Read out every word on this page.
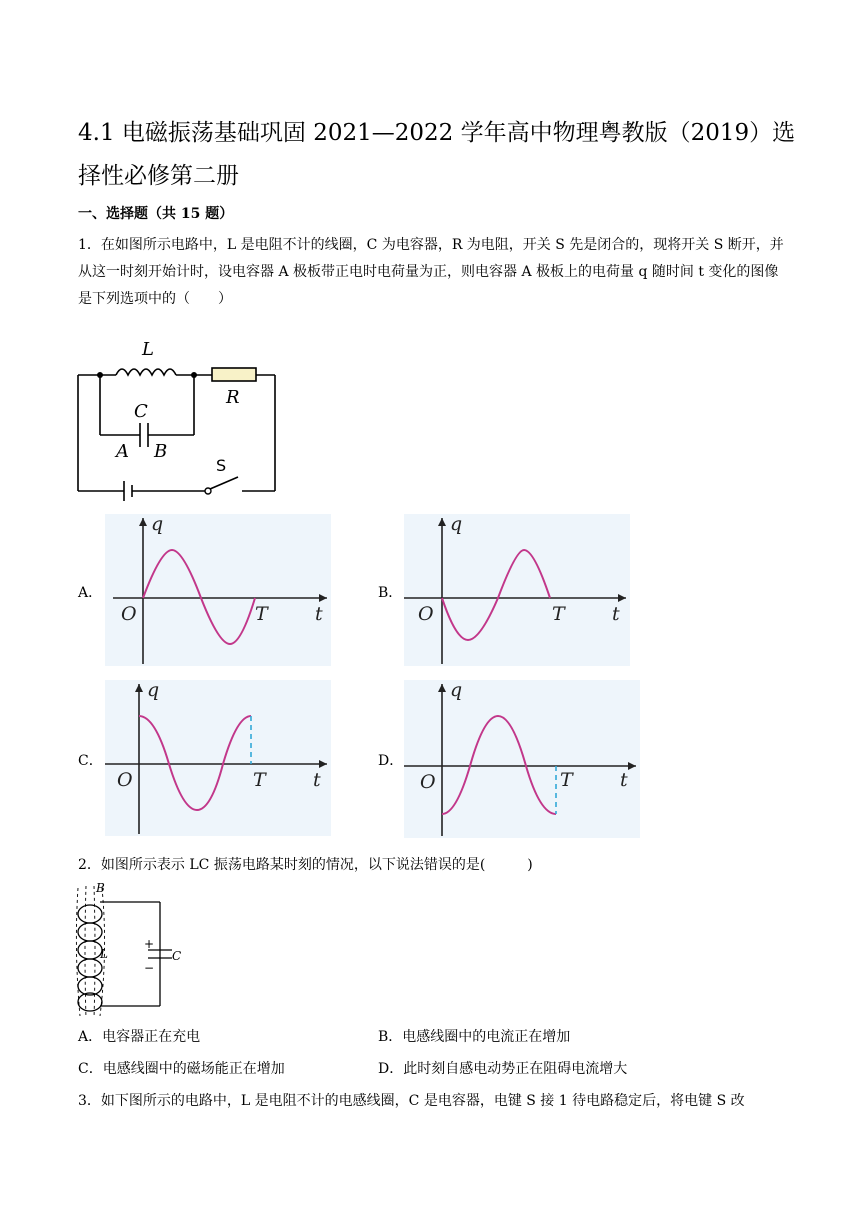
4.1 电磁振荡基础巩固 2021—2022 学年高中物理粤教版（2019）选择性必修第二册
一、选择题（共 15 题）
1．在如图所示电路中，L 是电阻不计的线圈，C 为电容器，R 为电阻，开关 S 先是闭合的，现将开关 S 断开，并从这一时刻开始计时，设电容器 A 极板带正电时电荷量为正，则电容器 A 极板上的电荷量 q 随时间 t 变化的图像是下列选项中的（　　）
L
R
C
A B
S
A．
q
O	T t
B．
q
O	T t
C．
q
O	T t
D．
q
O	T t
2．如图所示表示 LC 振荡电路某时刻的情况，以下说法错误的是(　　　)
B
L	C
+
−
A．电容器正在充电	B．电感线圈中的电流正在增加
C．电感线圈中的磁场能正在增加	D．此时刻自感电动势正在阻碍电流增大
3．如下图所示的电路中，L 是电阻不计的电感线圈，C 是电容器，电键 S 接 1 待电路稳定后，将电键 S 改
